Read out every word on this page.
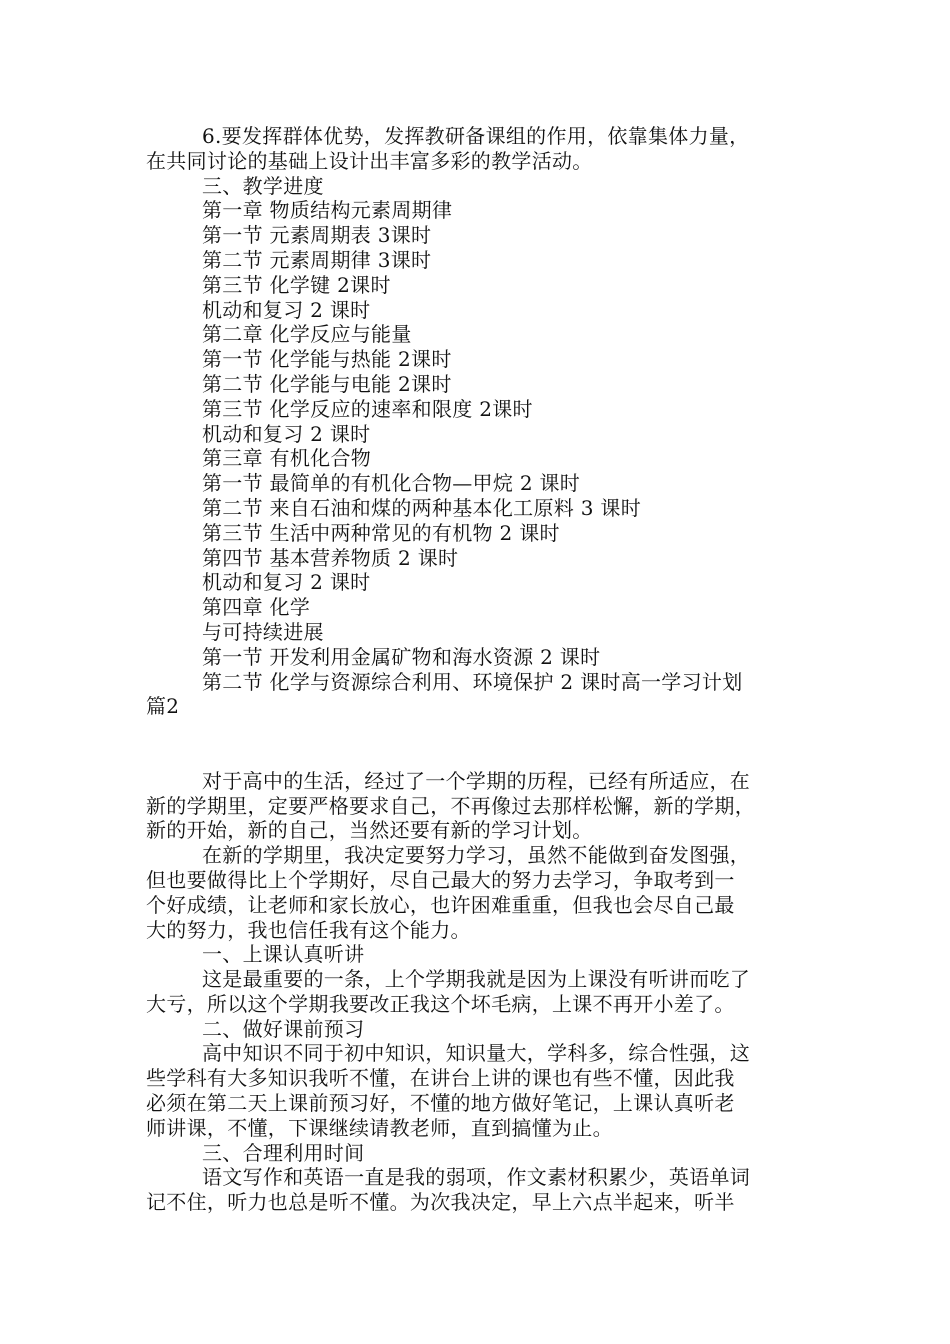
6.要发挥群体优势，发挥教研备课组的作用，依靠集体力量，
在共同讨论的基础上设计出丰富多彩的教学活动。
三、教学进度
第一章 物质结构元素周期律
第一节 元素周期表 3课时
第二节 元素周期律 3课时
第三节 化学键 2课时
机动和复习 2 课时
第二章 化学反应与能量
第一节 化学能与热能 2课时
第二节 化学能与电能 2课时
第三节 化学反应的速率和限度 2课时
机动和复习 2 课时
第三章 有机化合物
第一节 最简单的有机化合物—甲烷 2 课时
第二节 来自石油和煤的两种基本化工原料 3 课时
第三节 生活中两种常见的有机物 2 课时
第四节 基本营养物质 2 课时
机动和复习 2 课时
第四章 化学
与可持续进展
第一节 开发利用金属矿物和海水资源 2 课时
第二节 化学与资源综合利用、环境保护 2 课时高一学习计划
篇2
对于高中的生活，经过了一个学期的历程，已经有所适应，在
新的学期里，定要严格要求自己，不再像过去那样松懈，新的学期，
新的开始，新的自己，当然还要有新的学习计划。
在新的学期里，我决定要努力学习，虽然不能做到奋发图强，
但也要做得比上个学期好，尽自己最大的努力去学习，争取考到一
个好成绩，让老师和家长放心，也许困难重重，但我也会尽自己最
大的努力，我也信任我有这个能力。
一、上课认真听讲
这是最重要的一条，上个学期我就是因为上课没有听讲而吃了
大亏，所以这个学期我要改正我这个坏毛病，上课不再开小差了。
二、做好课前预习
高中知识不同于初中知识，知识量大，学科多，综合性强，这
些学科有大多知识我听不懂，在讲台上讲的课也有些不懂，因此我
必须在第二天上课前预习好，不懂的地方做好笔记，上课认真听老
师讲课，不懂，下课继续请教老师，直到搞懂为止。
三、合理利用时间
语文写作和英语一直是我的弱项，作文素材积累少，英语单词
记不住，听力也总是听不懂。为次我决定，早上六点半起来，听半
